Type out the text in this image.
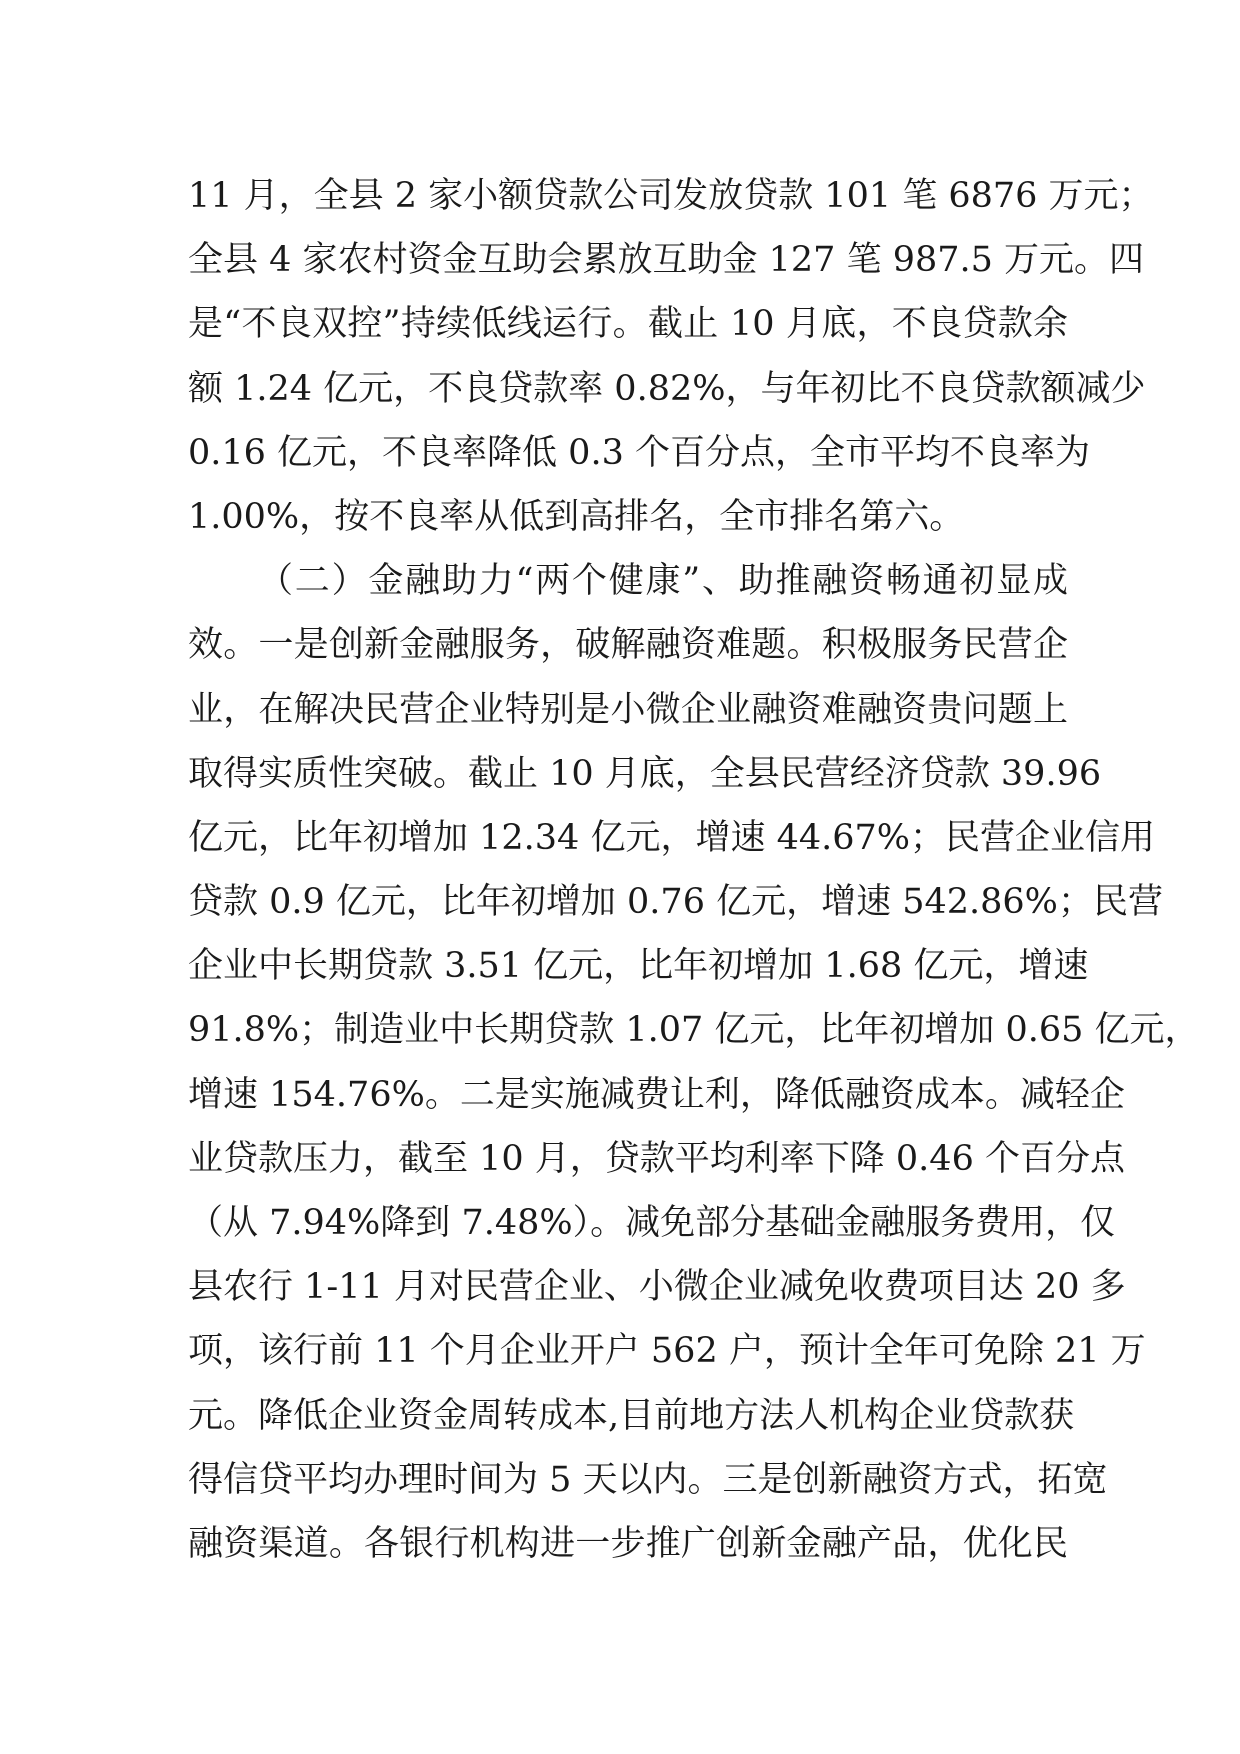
11 月，全县 2 家小额贷款公司发放贷款 101 笔 6876 万元；
全县 4 家农村资金互助会累放互助金 127 笔 987.5 万元。四
是“不良双控”持续低线运行。截止 10 月底，不良贷款余
额 1.24 亿元，不良贷款率 0.82%，与年初比不良贷款额减少
0.16 亿元，不良率降低 0.3 个百分点，全市平均不良率为
1.00%，按不良率从低到高排名，全市排名第六。
（二）金融助力“两个健康”、助推融资畅通初显成
效。一是创新金融服务，破解融资难题。积极服务民营企
业，在解决民营企业特别是小微企业融资难融资贵问题上
取得实质性突破。截止 10 月底，全县民营经济贷款 39.96
亿元，比年初增加 12.34 亿元，增速 44.67%；民营企业信用
贷款 0.9 亿元，比年初增加 0.76 亿元，增速 542.86%；民营
企业中长期贷款 3.51 亿元，比年初增加 1.68 亿元，增速
91.8%；制造业中长期贷款 1.07 亿元，比年初增加 0.65 亿元，
增速 154.76%。二是实施减费让利，降低融资成本。减轻企
业贷款压力，截至 10 月，贷款平均利率下降 0.46 个百分点
（从 7.94%降到 7.48%）。减免部分基础金融服务费用，仅
县农行 1-11 月对民营企业、小微企业减免收费项目达 20 多
项，该行前 11 个月企业开户 562 户，预计全年可免除 21 万
元。降低企业资金周转成本,目前地方法人机构企业贷款获
得信贷平均办理时间为 5 天以内。三是创新融资方式，拓宽
融资渠道。各银行机构进一步推广创新金融产品，优化民
